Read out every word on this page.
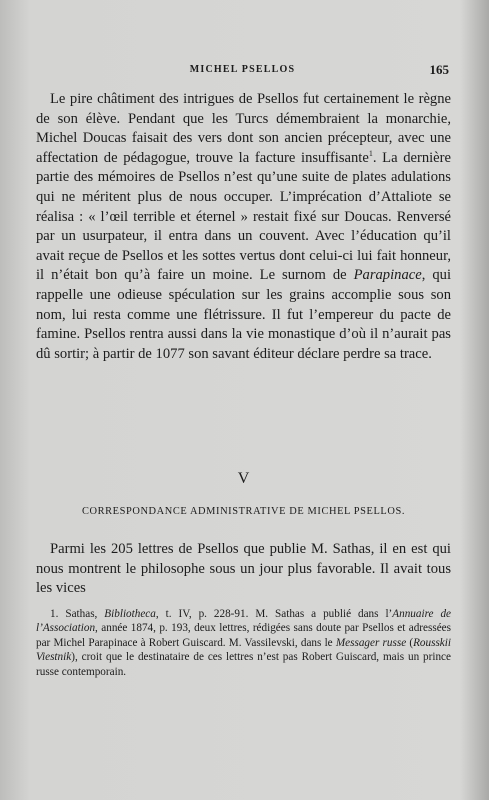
MICHEL PSELLOS	165

Le pire châtiment des intrigues de Psellos fut certainement le règne de son élève. Pendant que les Turcs démembraient la monarchie, Michel Doucas faisait des vers dont son ancien précepteur, avec une affectation de pédagogue, trouve la facture insuffisante$^1$. La dernière partie des mémoires de Psellos n’est qu’une suite de plates adulations qui ne méritent plus de nous occuper. L’imprécation d’Attaliote se réalisa : « l’œil terrible et éternel » restait fixé sur Doucas. Renversé par un usurpateur, il entra dans un couvent. Avec l’éducation qu’il avait reçue de Psellos et les sottes vertus dont celui-ci lui fait honneur, il n’était bon qu’à faire un moine. Le surnom de Parapinace, qui rappelle une odieuse spéculation sur les grains accomplie sous son nom, lui resta comme une flétrissure. Il fut l’empereur du pacte de famine. Psellos rentra aussi dans la vie monastique d’où il n’aurait pas dû sortir; à partir de 1077 son savant éditeur déclare perdre sa trace.

V
CORRESPONDANCE ADMINISTRATIVE DE MICHEL PSELLOS.

Parmi les 205 lettres de Psellos que publie M. Sathas, il en est qui nous montrent le philosophe sous un jour plus favorable. Il avait tous les vices

1. Sathas, Bibliotheca, t. IV, p. 228-91. M. Sathas a publié dans l’Annuaire de l’Association, année 1874, p. 193, deux lettres, rédigées sans doute par Psellos et adressées par Michel Parapinace à Robert Guiscard. M. Vassilevski, dans le Messager russe (Rousskii Viestnik), croit que le destinataire de ces lettres n’est pas Robert Guiscard, mais un prince russe contemporain.
